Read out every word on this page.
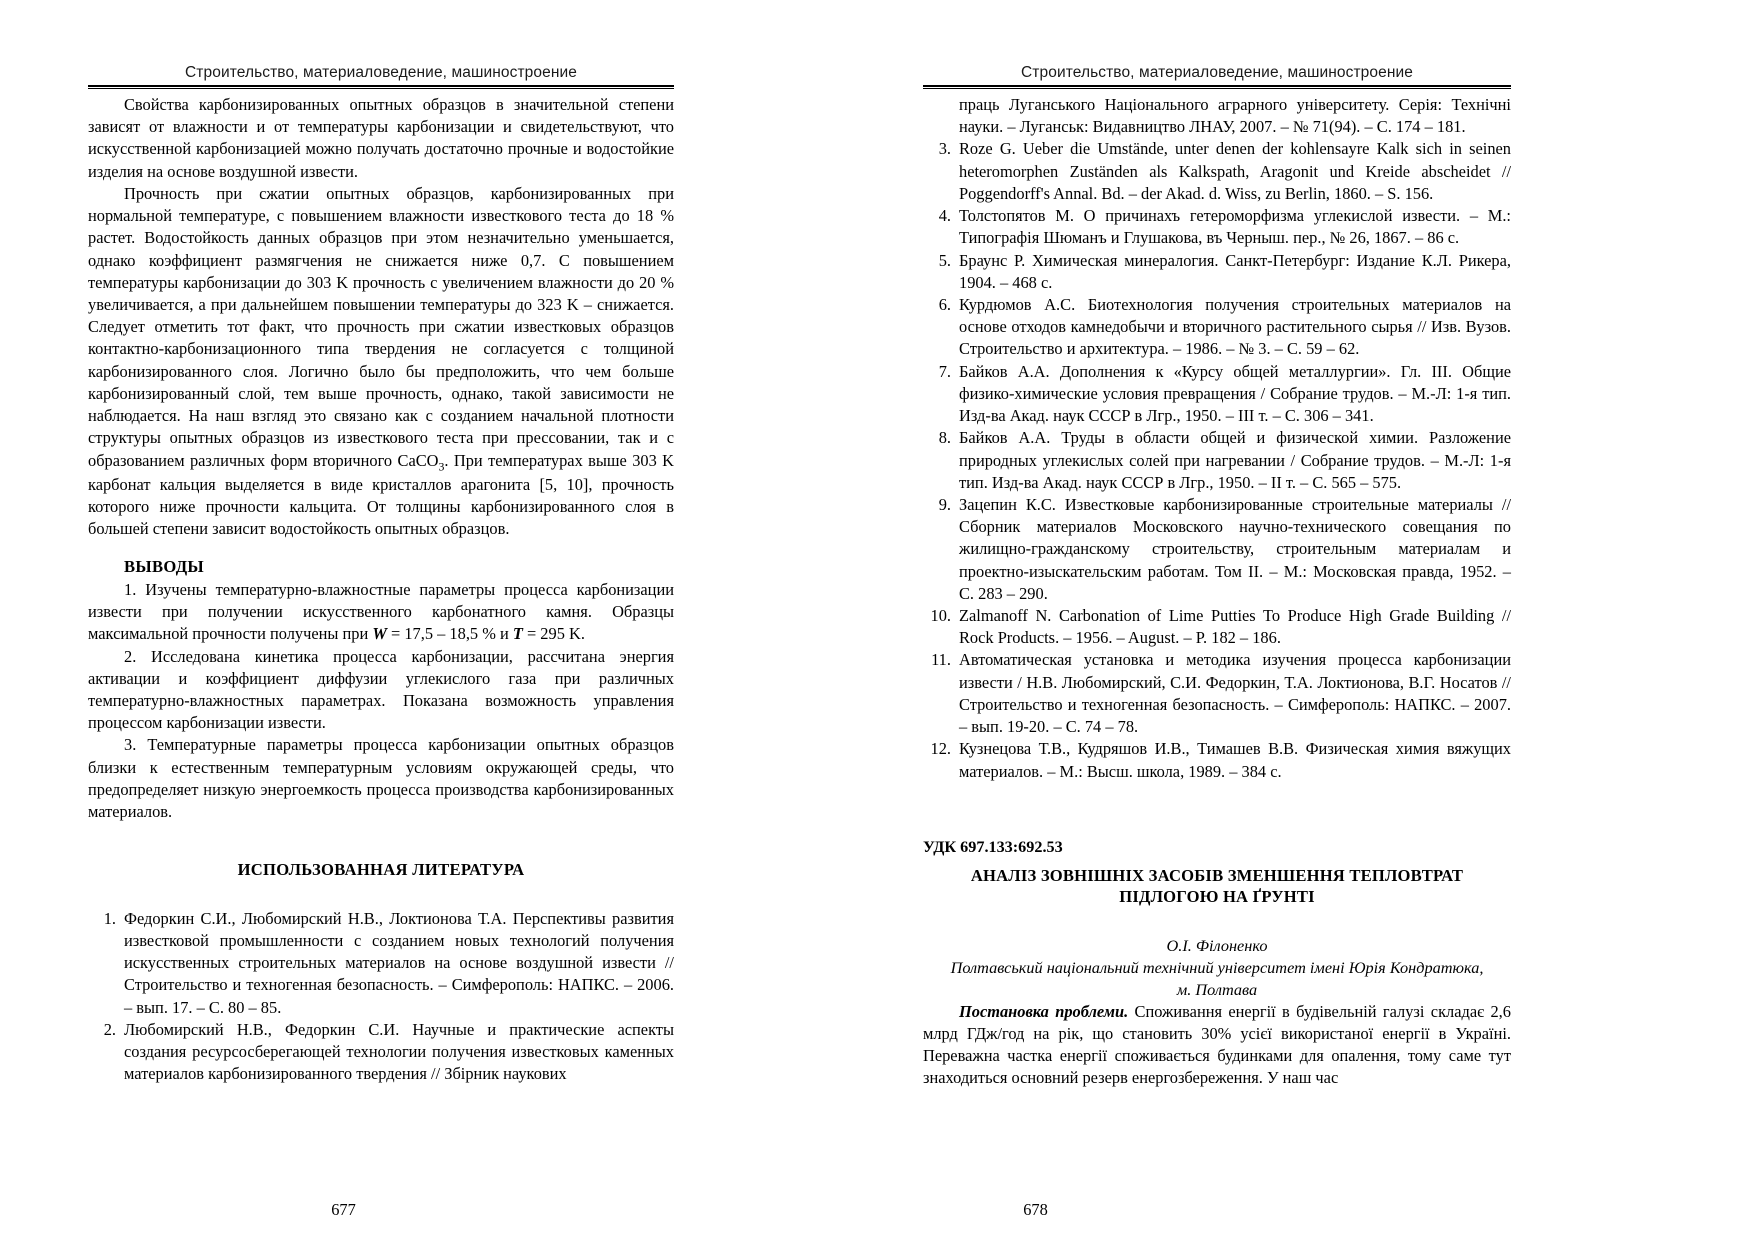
Строительство, материаловедение, машиностроение

Свойства карбонизированных опытных образцов в значительной степени зависят от влажности и от температуры карбонизации и свидетельствуют, что искусственной карбонизацией можно получать достаточно прочные и водостойкие изделия на основе воздушной извести.

Прочность при сжатии опытных образцов, карбонизированных при нормальной температуре, с повышением влажности известкового теста до 18 % растет. Водостойкость данных образцов при этом незначительно уменьшается, однако коэффициент размягчения не снижается ниже 0,7. С повышением температуры карбонизации до 303 K прочность с увеличением влажности до 20 % увеличивается, а при дальнейшем повышении температуры до 323 K – снижается. Следует отметить тот факт, что прочность при сжатии известковых образцов контактно-карбонизационного типа твердения не согласуется с толщиной карбонизированного слоя. Логично было бы предположить, что чем больше карбонизированный слой, тем выше прочность, однако, такой зависимости не наблюдается. На наш взгляд это связано как с созданием начальной плотности структуры опытных образцов из известкового теста при прессовании, так и с образованием различных форм вторичного CaCO$_3$. При температурах выше 303 K карбонат кальция выделяется в виде кристаллов арагонита [5, 10], прочность которого ниже прочности кальцита. От толщины карбонизированного слоя в большей степени зависит водостойкость опытных образцов.

ВЫВОДЫ

1. Изучены температурно-влажностные параметры процесса карбонизации извести при получении искусственного карбонатного камня. Образцы максимальной прочности получены при W = 17,5 – 18,5 % и T = 295 K.

2. Исследована кинетика процесса карбонизации, рассчитана энергия активации и коэффициент диффузии углекислого газа при различных температурно-влажностных параметрах. Показана возможность управления процессом карбонизации извести.

3. Температурные параметры процесса карбонизации опытных образцов близки к естественным температурным условиям окружающей среды, что предопределяет низкую энергоемкость процесса производства карбонизированных материалов.

ИСПОЛЬЗОВАННАЯ ЛИТЕРАТУРА
Федоркин С.И., Любомирский Н.В., Локтионова Т.А. Перспективы развития известковой промышленности с созданием новых технологий получения искусственных строительных материалов на основе воздушной извести // Строительство и техногенная безопасность. – Симферополь: НАПКС. – 2006. – вып. 17. – С. 80 – 85.
Любомирский Н.В., Федоркин С.И. Научные и практические аспекты создания ресурсосберегающей технологии получения известковых каменных материалов карбонизированного твердения // Збірник наукових
677
Строительство, материаловедение, машиностроение

праць Луганського Національного аграрного університету. Серія: Технічні науки. – Луганськ: Видавництво ЛНАУ, 2007. – № 71(94). – С. 174 – 181.

Roze G. Ueber die Umstände, unter denen der kohlensayre Kalk sich in seinen heteromorphen Zuständen als Kalkspath, Aragonit und Kreide abscheidet // Poggendorff's Annal. Bd. – der Akad. d. Wiss, zu Berlin, 1860. – S. 156.
Толстопятов М. О причинахъ гетероморфизма углекислой извести. – М.: Типографія Шюманъ и Глушакова, въ Черныш. пер., № 26, 1867. – 86 с.
Браунс Р. Химическая минералогия. Санкт-Петербург: Издание К.Л. Рикера, 1904. – 468 с.
Курдюмов А.С. Биотехнология получения строительных материалов на основе отходов камнедобычи и вторичного растительного сырья // Изв. Вузов. Строительство и архитектура. – 1986. – № 3. – С. 59 – 62.
Байков А.А. Дополнения к «Курсу общей металлургии». Гл. III. Общие физико-химические условия превращения / Собрание трудов. – М.-Л: 1-я тип. Изд-ва Акад. наук СССР в Лгр., 1950. – III т. – С. 306 – 341.
Байков А.А. Труды в области общей и физической химии. Разложение природных углекислых солей при нагревании / Собрание трудов. – М.-Л: 1-я тип. Изд-ва Акад. наук СССР в Лгр., 1950. – II т. – С. 565 – 575.
Зацепин К.С. Известковые карбонизированные строительные материалы // Сборник материалов Московского научно-технического совещания по жилищно-гражданскому строительству, строительным материалам и проектно-изыскательским работам. Том II. – М.: Московская правда, 1952. – С. 283 – 290.
Zalmanoff N. Carbonation of Lime Putties To Produce High Grade Building // Rock Products. – 1956. – August. – P. 182 – 186.
Автоматическая установка и методика изучения процесса карбонизации извести / Н.В. Любомирский, С.И. Федоркин, Т.А. Локтионова, В.Г. Носатов // Строительство и техногенная безопасность. – Симферополь: НАПКС. – 2007. – вып. 19-20. – С. 74 – 78.
Кузнецова Т.В., Кудряшов И.В., Тимашев В.В. Физическая химия вяжущих материалов. – М.: Высш. школа, 1989. – 384 с.
УДК 697.133:692.53
АНАЛІЗ ЗОВНІШНІХ ЗАСОБІВ ЗМЕНШЕННЯ ТЕПЛОВТРАТ
ПІДЛОГОЮ НА ҐРУНТІ
О.І. Філоненко
Полтавський національний технічний університет імені Юрія Кондратюка,
м. Полтава

Постановка проблеми. Споживання енергії в будівельній галузі складає 2,6 млрд ГДж/год на рік, що становить 30% усієї використаної енергії в Україні. Переважна частка енергії споживається будинками для опалення, тому саме тут знаходиться основний резерв енергозбереження. У наш час

678
